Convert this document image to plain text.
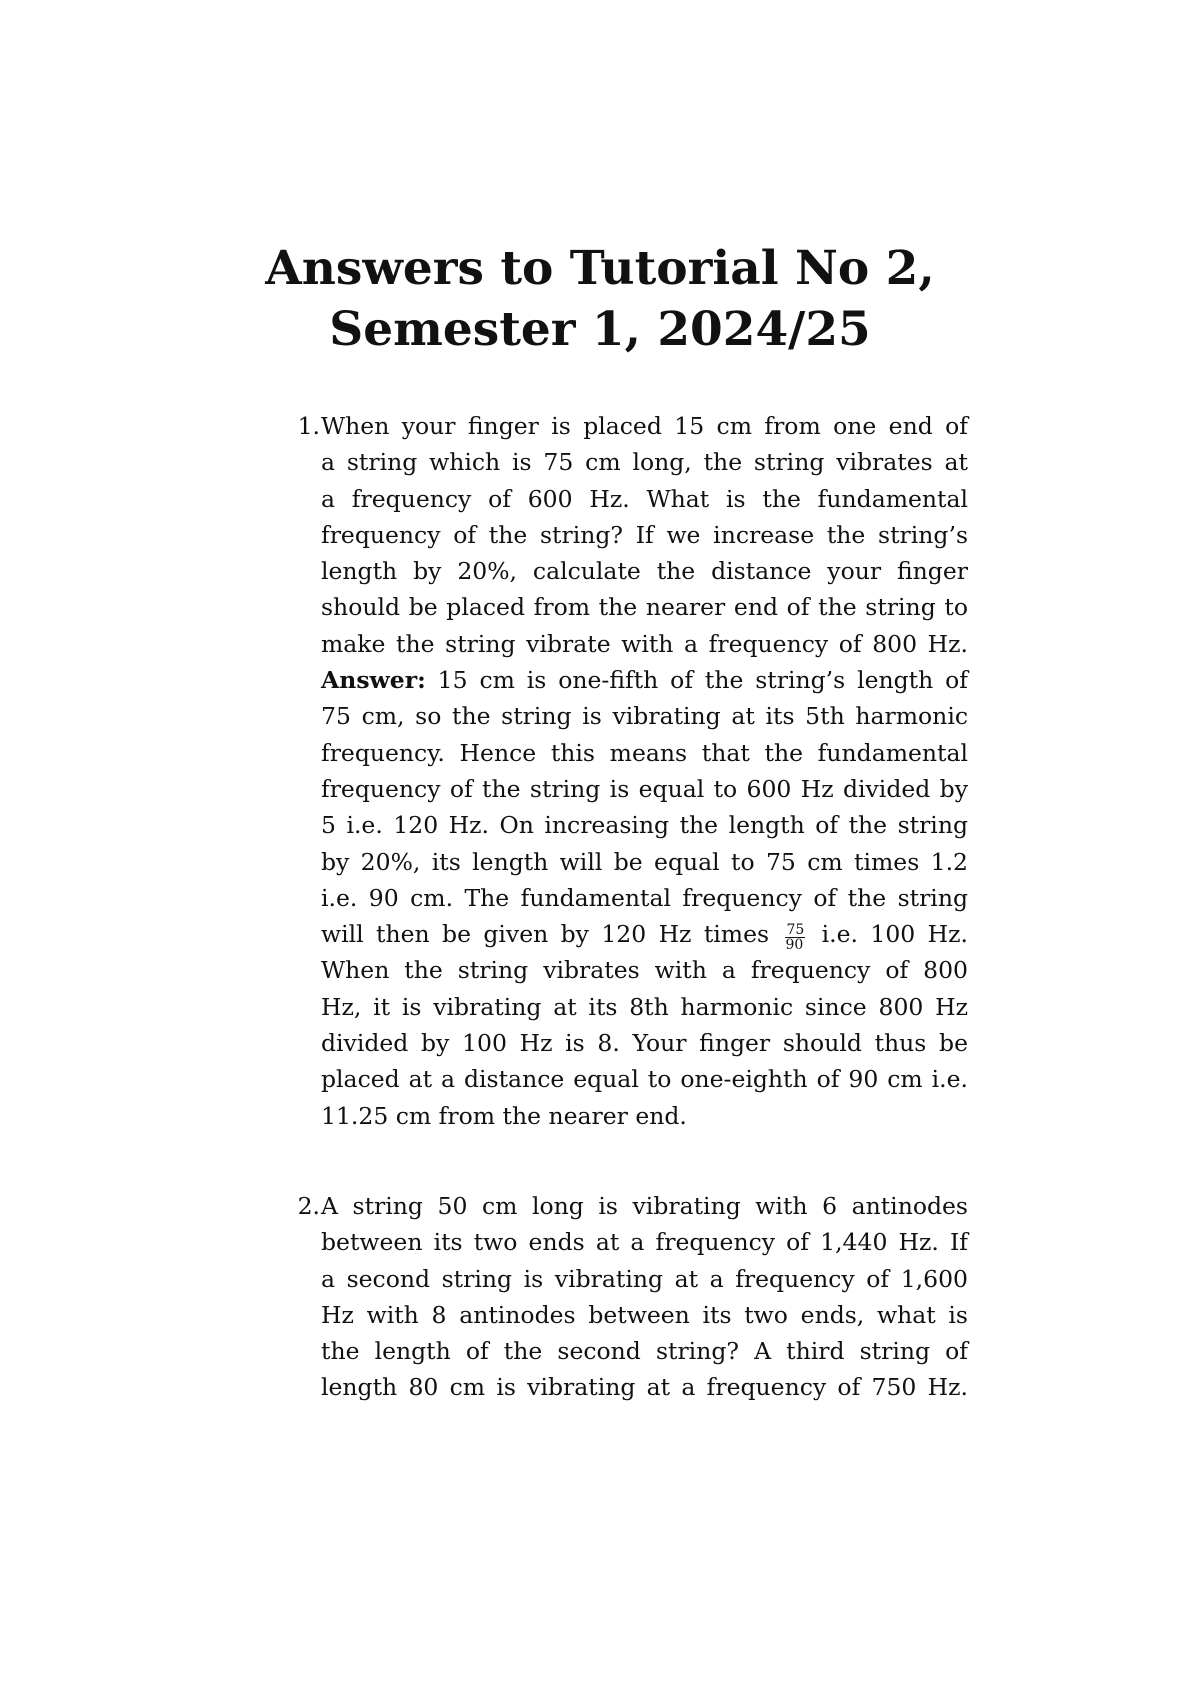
Answers to Tutorial No 2,
Semester 1, 2024/25
1. When your finger is placed 15 cm from one end of
a string which is 75 cm long, the string vibrates at
a frequency of 600 Hz. What is the fundamental
frequency of the string? If we increase the string’s
length by 20%, calculate the distance your finger
should be placed from the nearer end of the string to
make the string vibrate with a frequency of 800 Hz.
Answer: 15 cm is one-fifth of the string’s length of
75 cm, so the string is vibrating at its 5th harmonic
frequency. Hence this means that the fundamental
frequency of the string is equal to 600 Hz divided by
5 i.e. 120 Hz. On increasing the length of the string
by 20%, its length will be equal to 75 cm times 1.2
i.e. 90 cm. The fundamental frequency of the string
will then be given by 120 Hz times $\frac{75}{90} i.e$. 100 Hz.
When the string vibrates with a frequency of 800
Hz, it is vibrating at its 8th harmonic since 800 Hz
divided by 100 Hz is 8. Your finger should thus be
placed at a distance equal to one-eighth of 90 cm i.e.
11.25 cm from the nearer end.
2. A string 50 cm long is vibrating with 6 antinodes
between its two ends at a frequency of 1,440 Hz. If
a second string is vibrating at a frequency of 1,600
Hz with 8 antinodes between its two ends, what is
the length of the second string? A third string of
length 80 cm is vibrating at a frequency of 750 Hz.
